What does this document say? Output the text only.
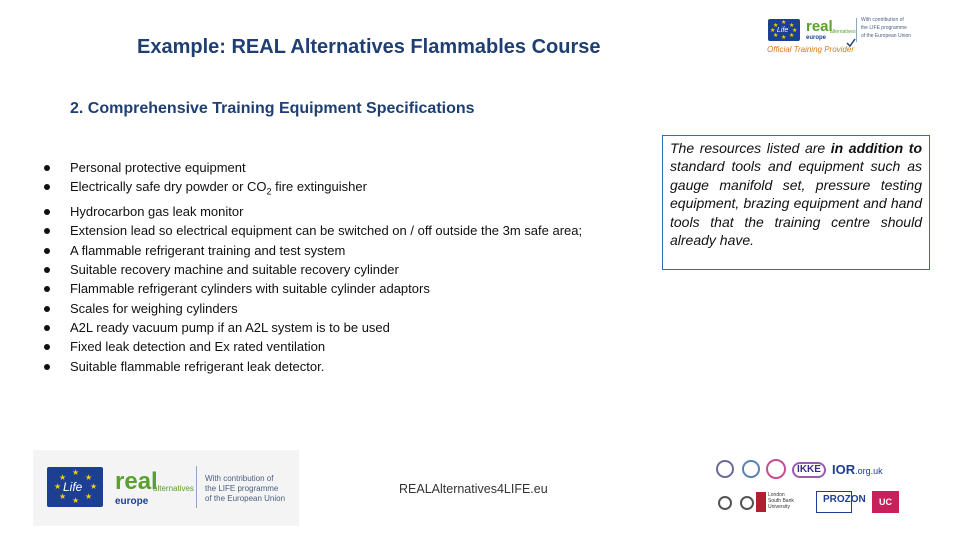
Example: REAL Alternatives Flammables Course
2. Comprehensive Training Equipment Specifications
Personal protective equipment
Electrically safe dry powder or $CO_2$ fire extinguisher
Hydrocarbon gas leak monitor
Extension lead so electrical equipment can be switched on / off outside the 3m safe area;
A flammable refrigerant training and test system
Suitable recovery machine and suitable recovery cylinder
Flammable refrigerant cylinders with suitable cylinder adaptors
Scales for weighing cylinders
A2L ready vacuum pump if an A2L system is to be used
Fixed leak detection and Ex rated ventilation
Suitable flammable refrigerant leak detector.
The resources listed are in addition to standard tools and equipment such as gauge manifold set, pressure testing equipment, brazing equipment and hand tools that the training centre should already have.
★
★ ★
★	★
★ ★
★
Life real
alternatives
europe
With contribution of
the LIFE programme
of the European Union
Official Training Provider
★
★ ★
★	★
★ ★
★
Life real
alternatives
europe
With contribution of
the LIFE programme
of the European Union
REALAlternatives4LIFE.eu
IKKE IOR.org.uk
London
South Bank
University
PROZON	UC
